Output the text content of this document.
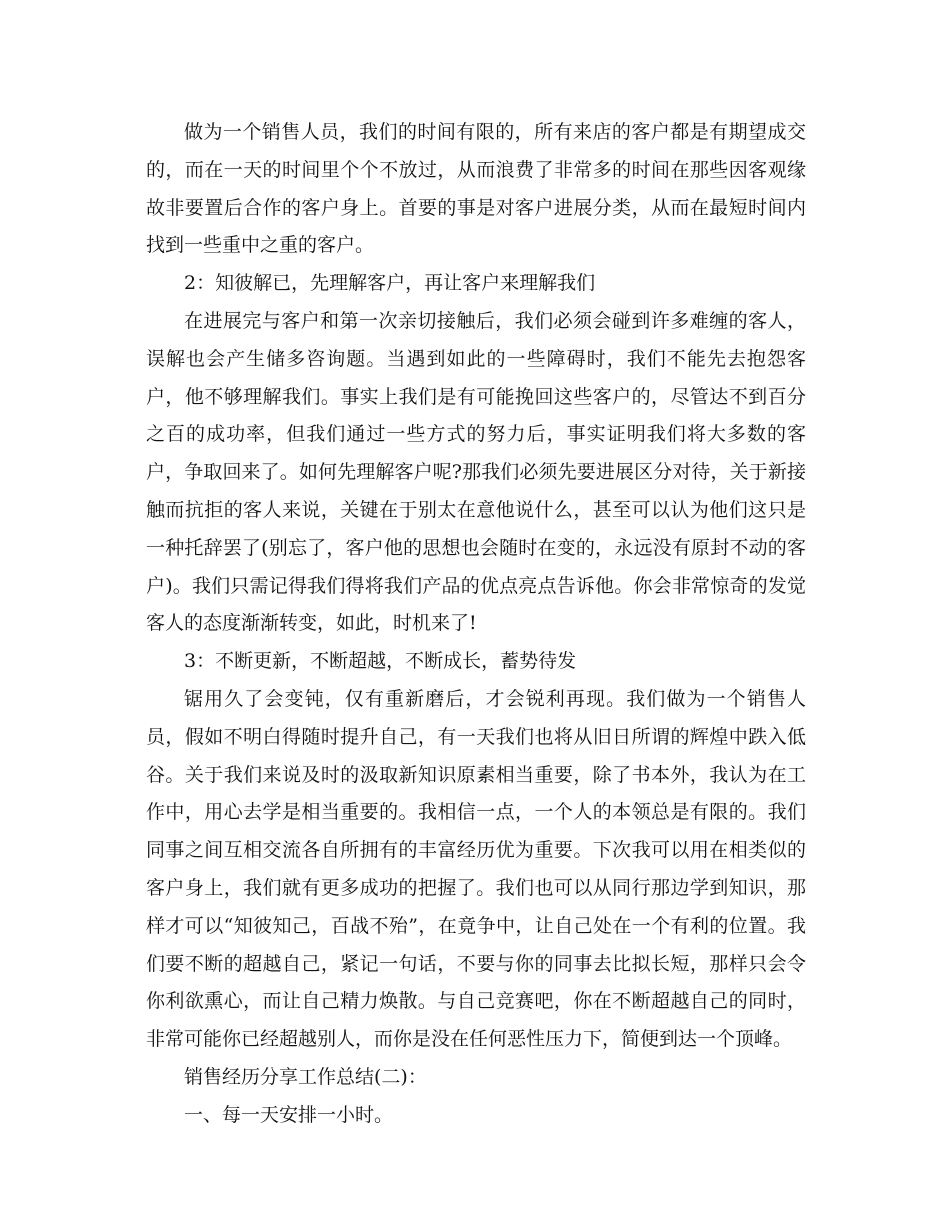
做为一个销售人员，我们的时间有限的，所有来店的客户都是有期望成交的，而在一天的时间里个个不放过，从而浪费了非常多的时间在那些因客观缘故非要置后合作的客户身上。首要的事是对客户进展分类，从而在最短时间内找到一些重中之重的客户。

2：知彼解已，先理解客户，再让客户来理解我们

在进展完与客户和第一次亲切接触后，我们必须会碰到许多难缠的客人，误解也会产生储多咨询题。当遇到如此的一些障碍时，我们不能先去抱怨客户，他不够理解我们。事实上我们是有可能挽回这些客户的，尽管达不到百分之百的成功率，但我们通过一些方式的努力后，事实证明我们将大多数的客户，争取回来了。如何先理解客户呢?那我们必须先要进展区分对待，关于新接触而抗拒的客人来说，关键在于别太在意他说什么，甚至可以认为他们这只是一种托辞罢了(别忘了，客户他的思想也会随时在变的，永远没有原封不动的客户)。我们只需记得我们得将我们产品的优点亮点告诉他。你会非常惊奇的发觉客人的态度渐渐转变，如此，时机来了!

3：不断更新，不断超越，不断成长，蓄势待发

锯用久了会变钝，仅有重新磨后，才会锐利再现。我们做为一个销售人员，假如不明白得随时提升自己，有一天我们也将从旧日所谓的辉煌中跌入低谷。关于我们来说及时的汲取新知识原素相当重要，除了书本外，我认为在工作中，用心去学是相当重要的。我相信一点，一个人的本领总是有限的。我们同事之间互相交流各自所拥有的丰富经历优为重要。下次我可以用在相类似的客户身上，我们就有更多成功的把握了。我们也可以从同行那边学到知识，那样才可以“知彼知己，百战不殆”，在竟争中，让自己处在一个有利的位置。我们要不断的超越自己，紧记一句话，不要与你的同事去比拟长短，那样只会令你利欲熏心，而让自己精力焕散。与自己竞赛吧，你在不断超越自己的同时，非常可能你已经超越别人，而你是没在任何恶性压力下，简便到达一个顶峰。

销售经历分享工作总结(二)：

一、每一天安排一小时。
